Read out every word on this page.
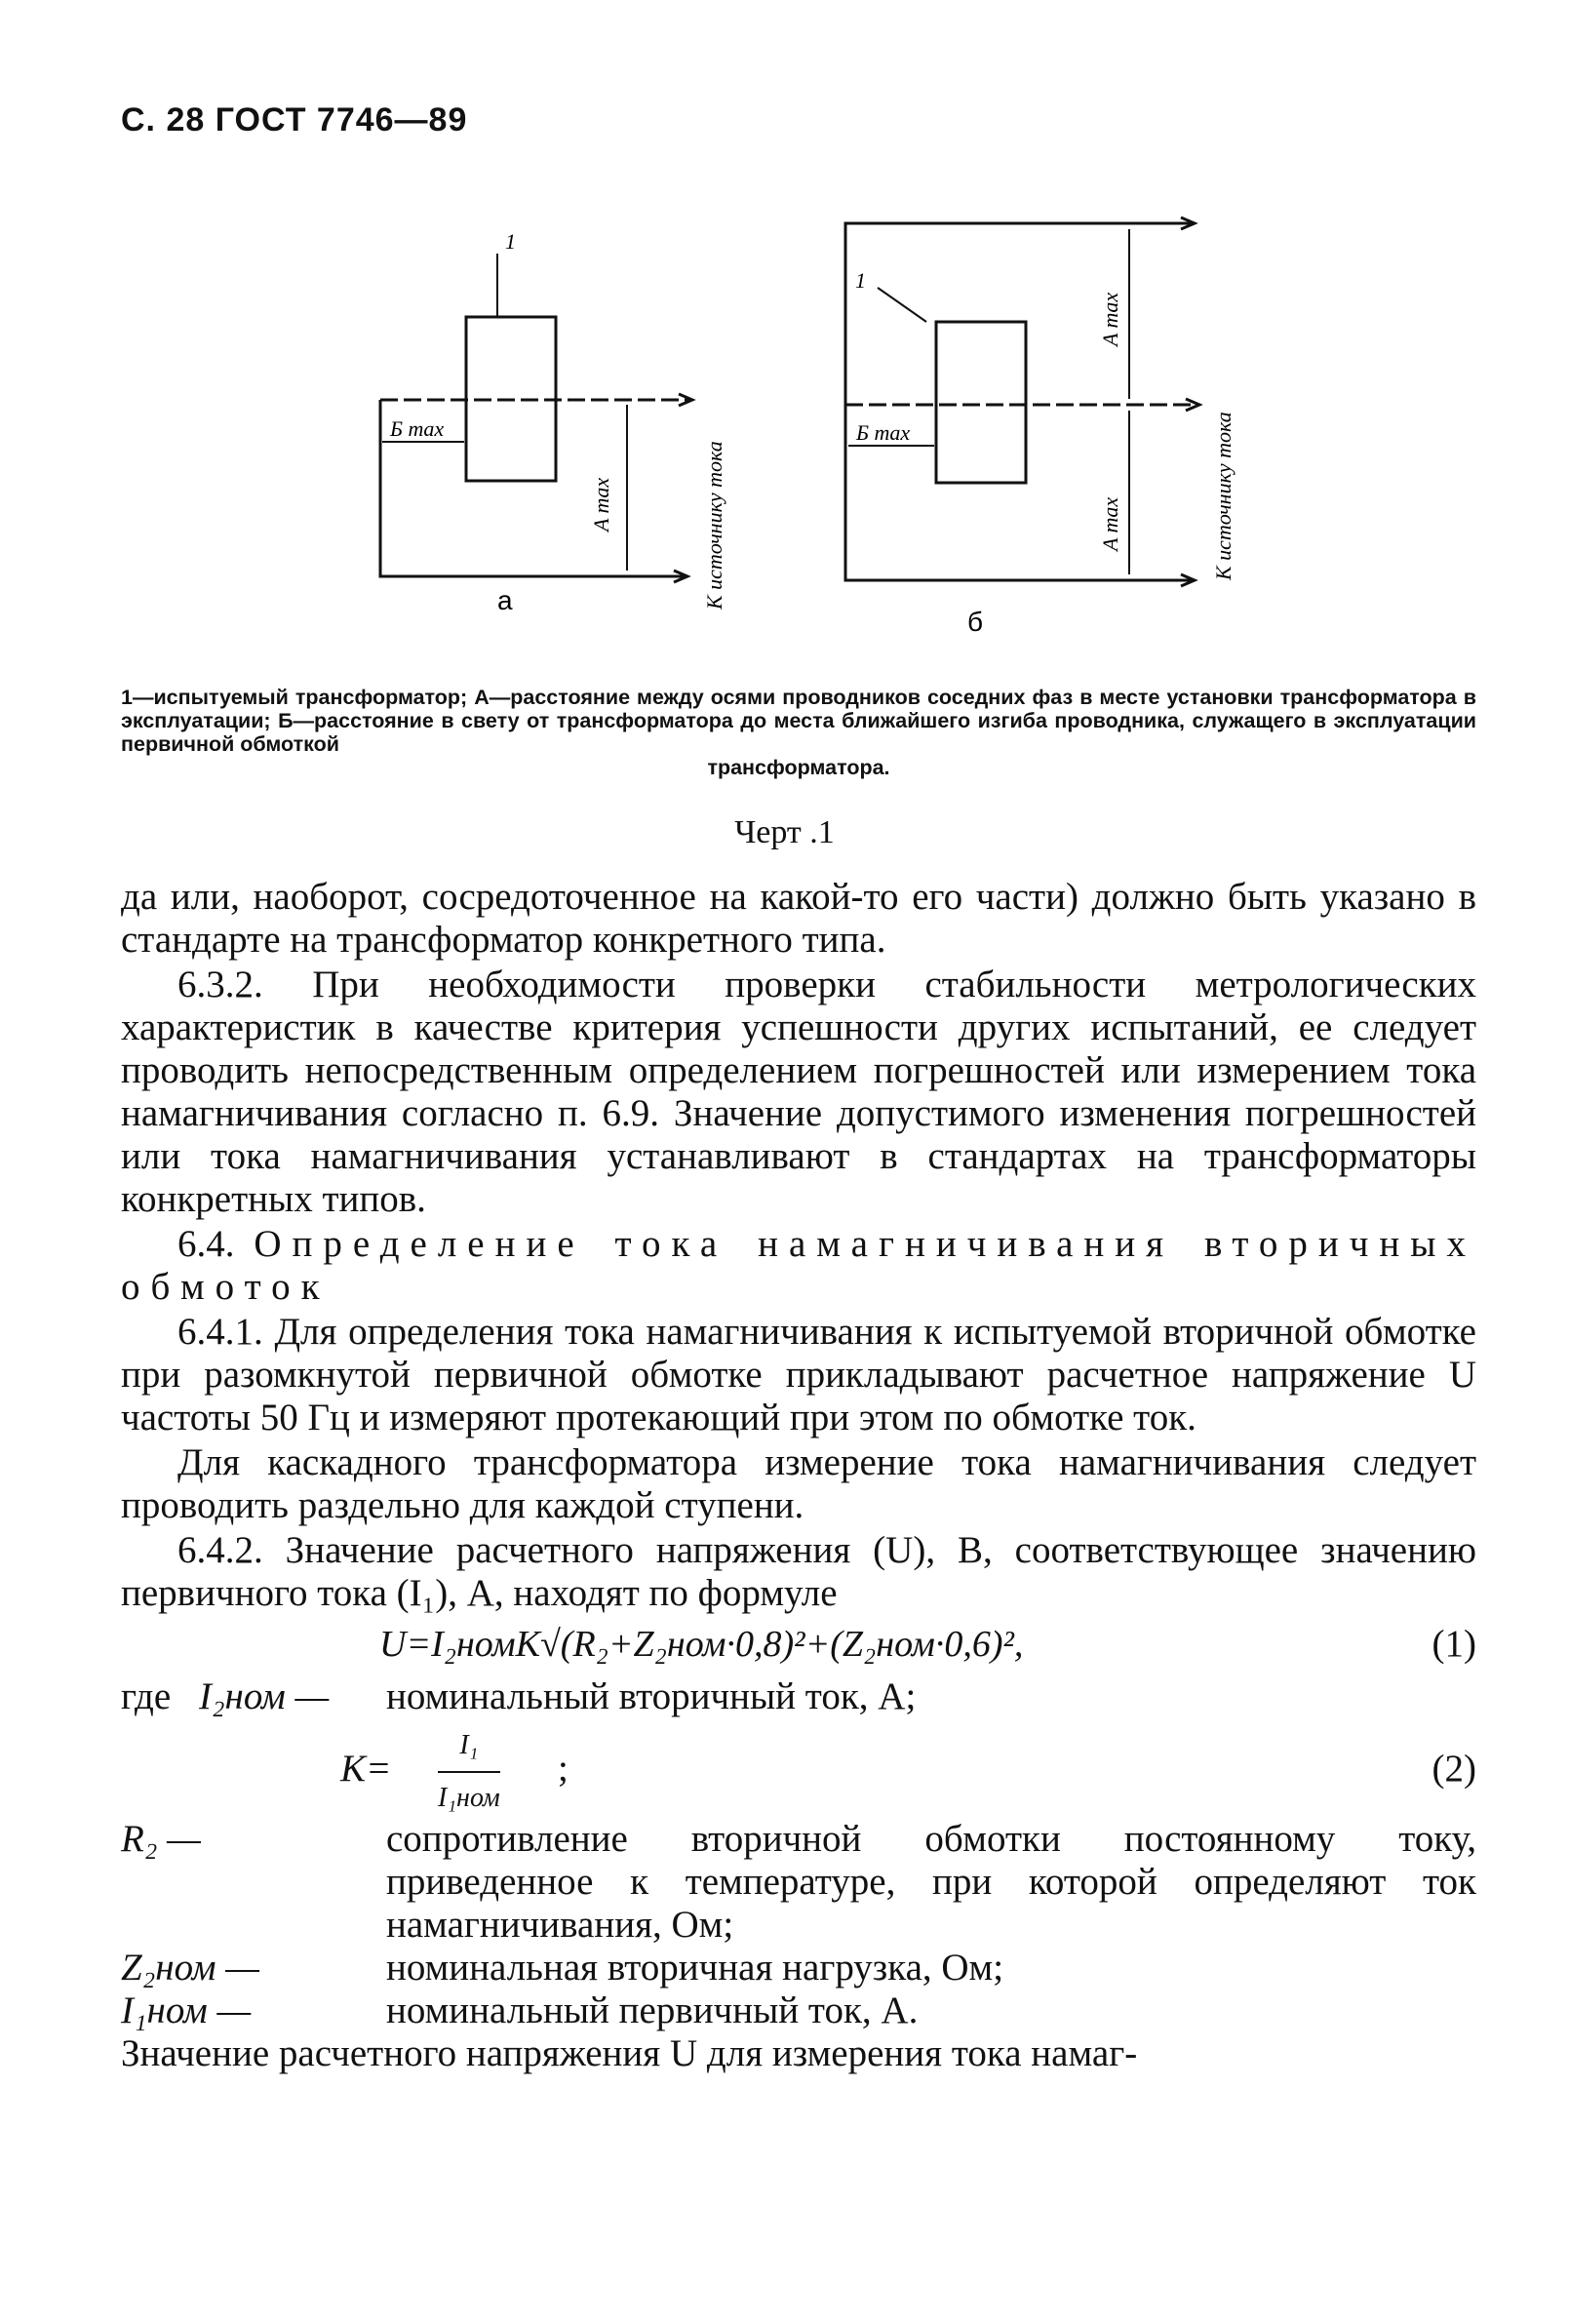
С. 28 ГОСТ 7746—89
1
1
Б max	Б max
A max
A max
A max
К источнику тока	К источнику тока
а
б
1—испытуемый трансформатор; А—расстояние между осями проводников соседних фаз в месте установки трансформатора в эксплуатации; Б—расстояние в свету от трансформатора до места ближайшего изгиба проводника, служащего в эксплуатации первичной обмоткой
трансформатора.
Черт .1

да или, наоборот, сосредоточенное на какой-то его части) должно быть указано в стандарте на трансформатор конкретного типа.

6.3.2. При необходимости проверки стабильности метрологических характеристик в качестве критерия успешности других испытаний, ее следует проводить непосредственным определением погрешностей или измерением тока намагничивания согласно п. 6.9. Значение допустимого изменения погрешностей или тока намагничивания устанавливают в стандартах на трансформаторы конкретных типов.

6.4. Определение тока намагничивания вторичных обмоток

6.4.1. Для определения тока намагничивания к испытуемой вторичной обмотке при разомкнутой первичной обмотке прикладывают расчетное напряжение U частоты 50 Гц и измеряют протекающий при этом по обмотке ток.

Для каскадного трансформатора измерение тока намагничивания следует проводить раздельно для каждой ступени.

6.4.2. Значение расчетного напряжения (U), В, соответствующее значению первичного тока (I₁), А, находят по формуле

U=I₂номK√(R₂+Z₂ном·0,8)²+(Z₂ном·0,6)²,	(1)
где I₂ном — номинальный вторичный ток, А;
K=
I₁
I₁ном
;	(2)
R₂ —	сопротивление вторичной обмотки постоянному току, приведенное к температуре, при которой определяют ток намагничивания, Ом;
Z₂ном —	номинальная вторичная нагрузка, Ом;
I₁ном —	номинальный первичный ток, А.

Значение расчетного напряжения U для измерения тока намаг-
